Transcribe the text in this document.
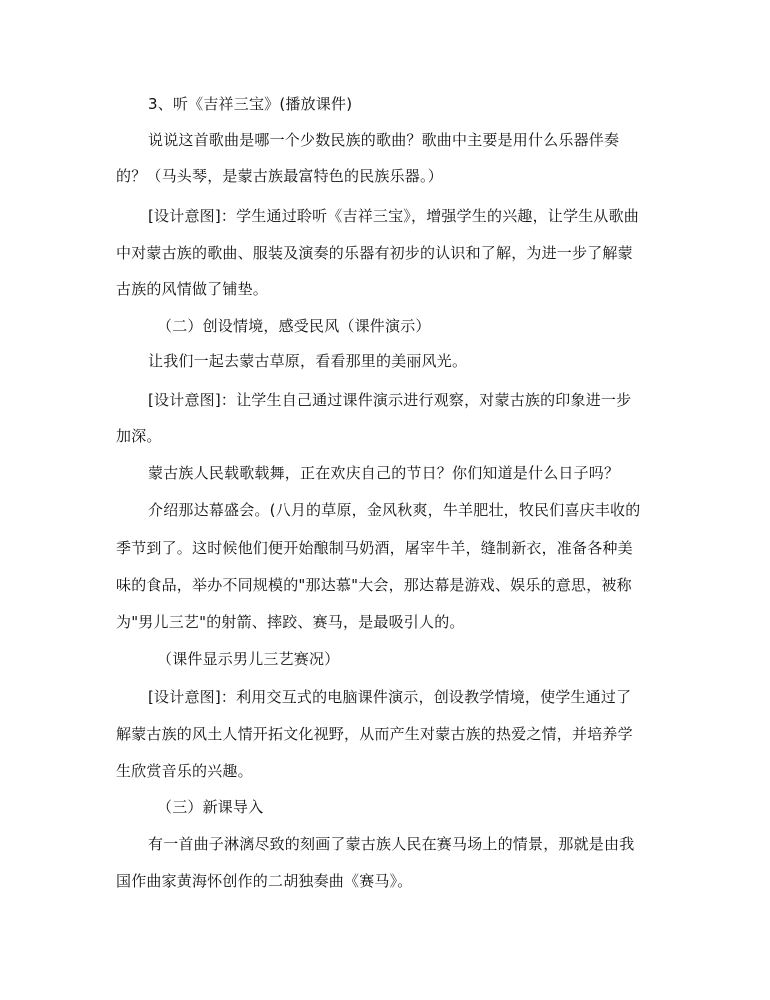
3、听《吉祥三宝》(播放课件)
说说这首歌曲是哪一个少数民族的歌曲？歌曲中主要是用什么乐器伴奏
的？（马头琴，是蒙古族最富特色的民族乐器。）
[设计意图]：学生通过聆听《吉祥三宝》，增强学生的兴趣，让学生从歌曲
中对蒙古族的歌曲、服装及演奏的乐器有初步的认识和了解，为进一步了解蒙
古族的风情做了铺垫。
（二）创设情境，感受民风（课件演示）
让我们一起去蒙古草原，看看那里的美丽风光。
[设计意图]：让学生自己通过课件演示进行观察，对蒙古族的印象进一步
加深。
蒙古族人民载歌载舞，正在欢庆自己的节日？你们知道是什么日子吗？
介绍那达幕盛会。(八月的草原，金风秋爽，牛羊肥壮，牧民们喜庆丰收的
季节到了。这时候他们便开始酿制马奶酒，屠宰牛羊，缝制新衣，准备各种美
味的食品，举办不同规模的"那达慕"大会，那达幕是游戏、娱乐的意思，被称
为"男儿三艺"的射箭、摔跤、赛马，是最吸引人的。
（课件显示男儿三艺赛况）
[设计意图]：利用交互式的电脑课件演示，创设教学情境，使学生通过了
解蒙古族的风土人情开拓文化视野，从而产生对蒙古族的热爱之情，并培养学
生欣赏音乐的兴趣。
（三）新课导入
有一首曲子淋漓尽致的刻画了蒙古族人民在赛马场上的情景，那就是由我
国作曲家黄海怀创作的二胡独奏曲《赛马》。
